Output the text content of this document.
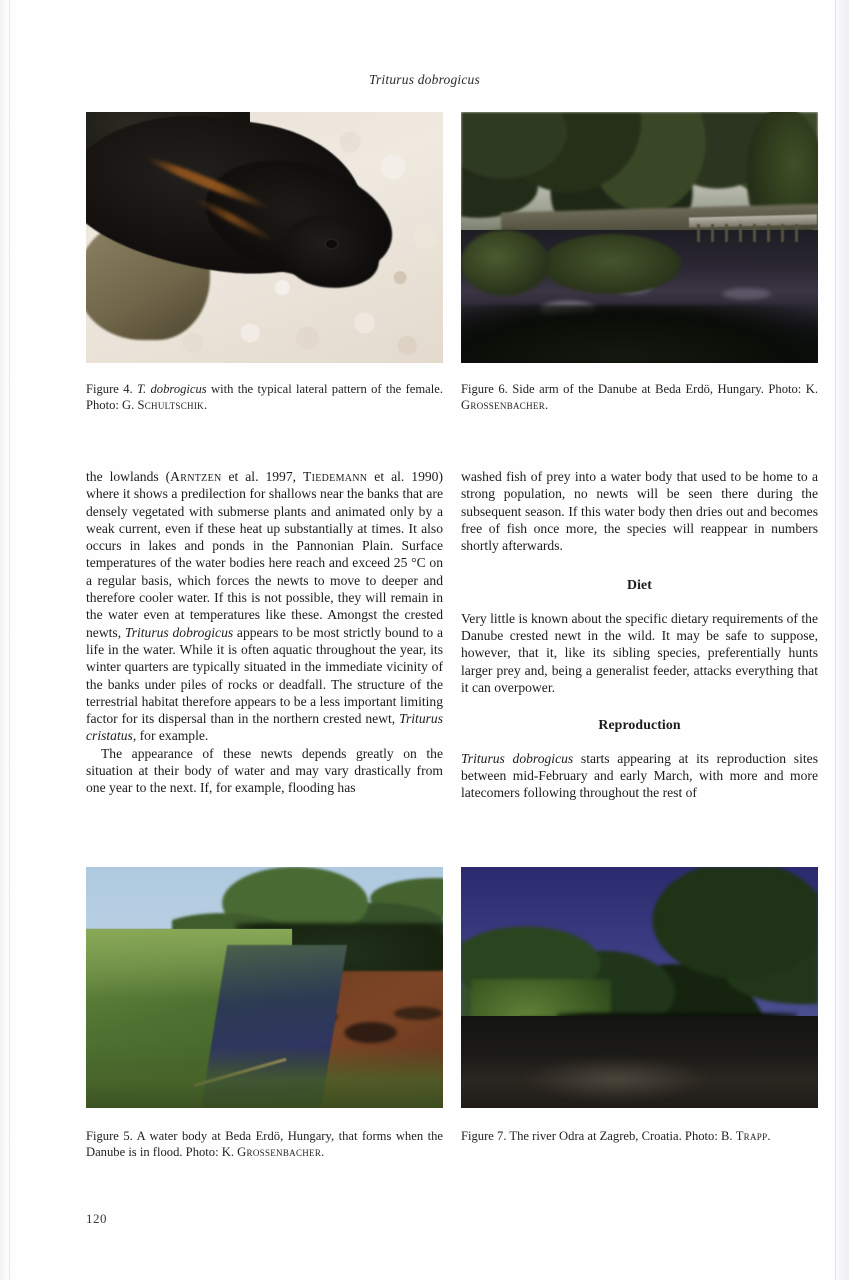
Triturus dobrogicus
Figure 4. T. dobrogicus with the typical lateral pattern of the female. Photo: G. Schultschik.
Figure 6. Side arm of the Danube at Beda Erdö, Hungary. Photo: K. Grossenbacher.
Figure 5. A water body at Beda Erdö, Hungary, that forms when the Danube is in flood. Photo: K. Grossenbacher.
Figure 7. The river Odra at Zagreb, Croatia. Photo: B. Trapp.

the lowlands (Arntzen et al. 1997, Tiedemann et al. 1990) where it shows a predilection for shallows near the banks that are densely vegetated with submerse plants and animated only by a weak current, even if these heat up substantially at times. It also occurs in lakes and ponds in the Pannonian Plain. Surface temperatures of the water bodies here reach and exceed 25 °C on a regular basis, which forces the newts to move to deeper and therefore cooler water. If this is not possible, they will remain in the water even at temperatures like these. Amongst the crested newts, Triturus dobrogicus appears to be most strictly bound to a life in the water. While it is often aquatic throughout the year, its winter quarters are typically situated in the immediate vicinity of the banks under piles of rocks or deadfall. The structure of the terrestrial habitat therefore appears to be a less important limiting factor for its dispersal than in the northern crested newt, Triturus cristatus, for example.

The appearance of these newts depends greatly on the situation at their body of water and may vary drastically from one year to the next. If, for example, flooding has

washed fish of prey into a water body that used to be home to a strong population, no newts will be seen there during the subsequent season. If this water body then dries out and becomes free of fish once more, the species will reappear in numbers shortly afterwards.

Diet

Very little is known about the specific dietary requirements of the Danube crested newt in the wild. It may be safe to suppose, however, that it, like its sibling species, preferentially hunts larger prey and, being a generalist feeder, attacks everything that it can overpower.

Reproduction

Triturus dobrogicus starts appearing at its reproduction sites between mid-February and early March, with more and more latecomers following throughout the rest of

120
